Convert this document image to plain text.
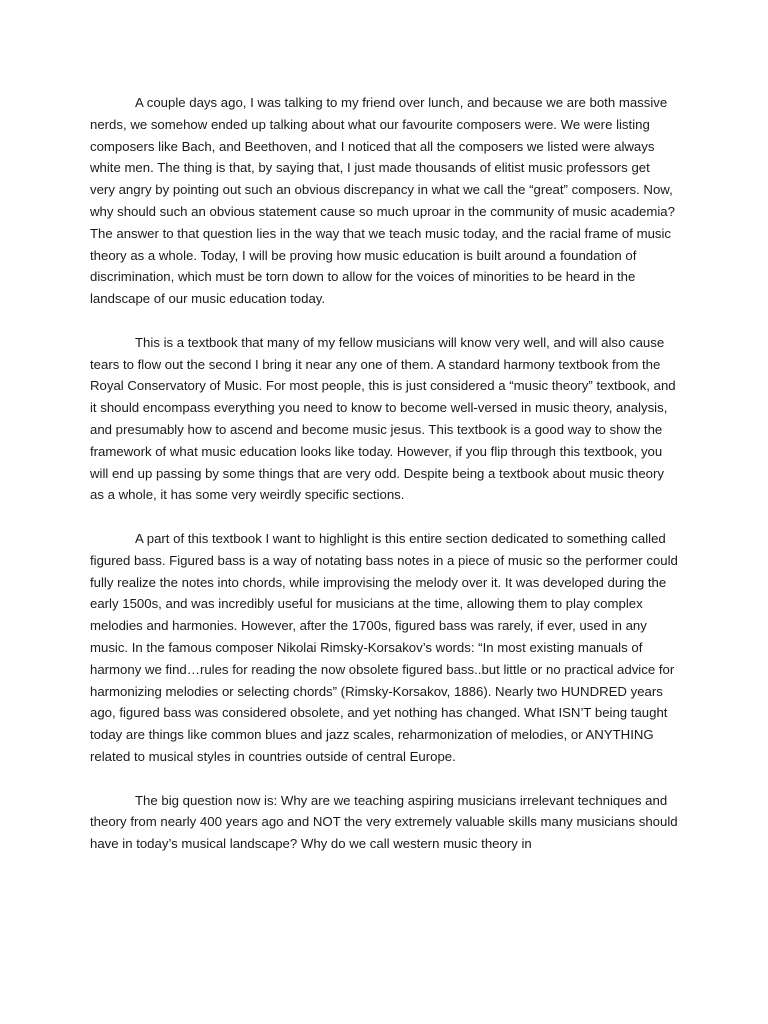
A couple days ago, I was talking to my friend over lunch, and because we are both massive nerds, we somehow ended up talking about what our favourite composers were. We were listing composers like Bach, and Beethoven, and I noticed that all the composers we listed were always white men. The thing is that, by saying that, I just made thousands of elitist music professors get very angry by pointing out such an obvious discrepancy in what we call the “great” composers. Now, why should such an obvious statement cause so much uproar in the community of music academia? The answer to that question lies in the way that we teach music today, and the racial frame of music theory as a whole. Today, I will be proving how music education is built around a foundation of discrimination, which must be torn down to allow for the voices of minorities to be heard in the landscape of our music education today.

This is a textbook that many of my fellow musicians will know very well, and will also cause tears to flow out the second I bring it near any one of them. A standard harmony textbook from the Royal Conservatory of Music. For most people, this is just considered a “music theory” textbook, and it should encompass everything you need to know to become well-versed in music theory, analysis, and presumably how to ascend and become music jesus. This textbook is a good way to show the framework of what music education looks like today. However, if you flip through this textbook, you will end up passing by some things that are very odd. Despite being a textbook about music theory as a whole, it has some very weirdly specific sections.

A part of this textbook I want to highlight is this entire section dedicated to something called figured bass. Figured bass is a way of notating bass notes in a piece of music so the performer could fully realize the notes into chords, while improvising the melody over it. It was developed during the early 1500s, and was incredibly useful for musicians at the time, allowing them to play complex melodies and harmonies. However, after the 1700s, figured bass was rarely, if ever, used in any music. In the famous composer Nikolai Rimsky-Korsakov’s words: “In most existing manuals of harmony we find…rules for reading the now obsolete figured bass..but little or no practical advice for harmonizing melodies or selecting chords” (Rimsky-Korsakov, 1886). Nearly two HUNDRED years ago, figured bass was considered obsolete, and yet nothing has changed. What ISN’T being taught today are things like common blues and jazz scales, reharmonization of melodies, or ANYTHING related to musical styles in countries outside of central Europe.

The big question now is: Why are we teaching aspiring musicians irrelevant techniques and theory from nearly 400 years ago and NOT the very extremely valuable skills many musicians should have in today’s musical landscape? Why do we call western music theory in
